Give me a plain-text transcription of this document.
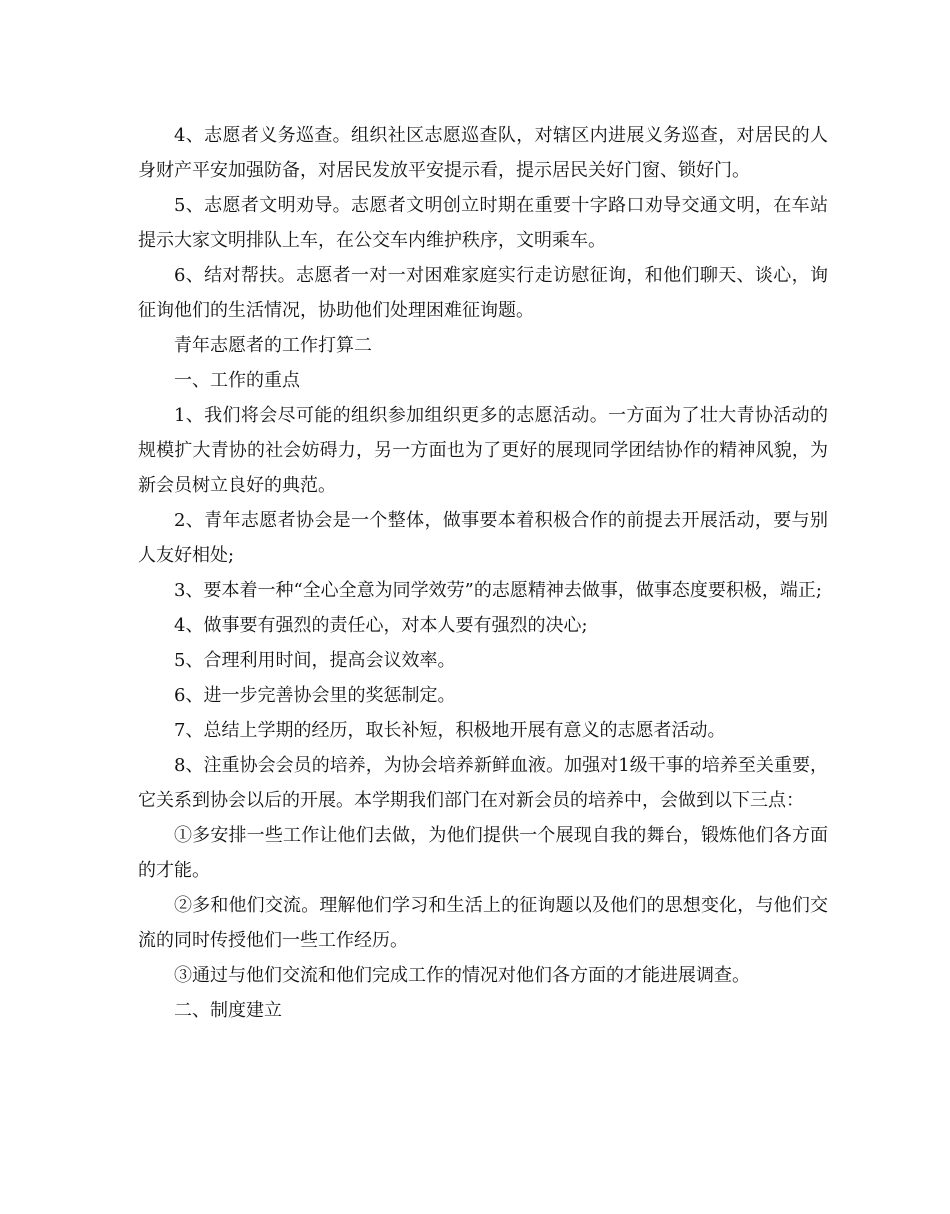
4、志愿者义务巡查。组织社区志愿巡查队，对辖区内进展义务巡查，对居民的人身财产平安加强防备，对居民发放平安提示看，提示居民关好门窗、锁好门。

5、志愿者文明劝导。志愿者文明创立时期在重要十字路口劝导交通文明，在车站提示大家文明排队上车，在公交车内维护秩序，文明乘车。

6、结对帮扶。志愿者一对一对困难家庭实行走访慰征询，和他们聊天、谈心，询征询他们的生活情况，协助他们处理困难征询题。

青年志愿者的工作打算二

一、工作的重点

1、我们将会尽可能的组织参加组织更多的志愿活动。一方面为了壮大青协活动的规模扩大青协的社会妨碍力，另一方面也为了更好的展现同学团结协作的精神风貌，为新会员树立良好的典范。

2、青年志愿者协会是一个整体，做事要本着积极合作的前提去开展活动，要与别人友好相处;

3、要本着一种“全心全意为同学效劳”的志愿精神去做事，做事态度要积极，端正;

4、做事要有强烈的责任心，对本人要有强烈的决心;

5、合理利用时间，提高会议效率。

6、进一步完善协会里的奖惩制定。

7、总结上学期的经历，取长补短，积极地开展有意义的志愿者活动。

8、注重协会会员的培养，为协会培养新鲜血液。加强对1级干事的培养至关重要，它关系到协会以后的开展。本学期我们部门在对新会员的培养中，会做到以下三点：

①多安排一些工作让他们去做，为他们提供一个展现自我的舞台，锻炼他们各方面的才能。

②多和他们交流。理解他们学习和生活上的征询题以及他们的思想变化，与他们交流的同时传授他们一些工作经历。

③通过与他们交流和他们完成工作的情况对他们各方面的才能进展调查。

二、制度建立
